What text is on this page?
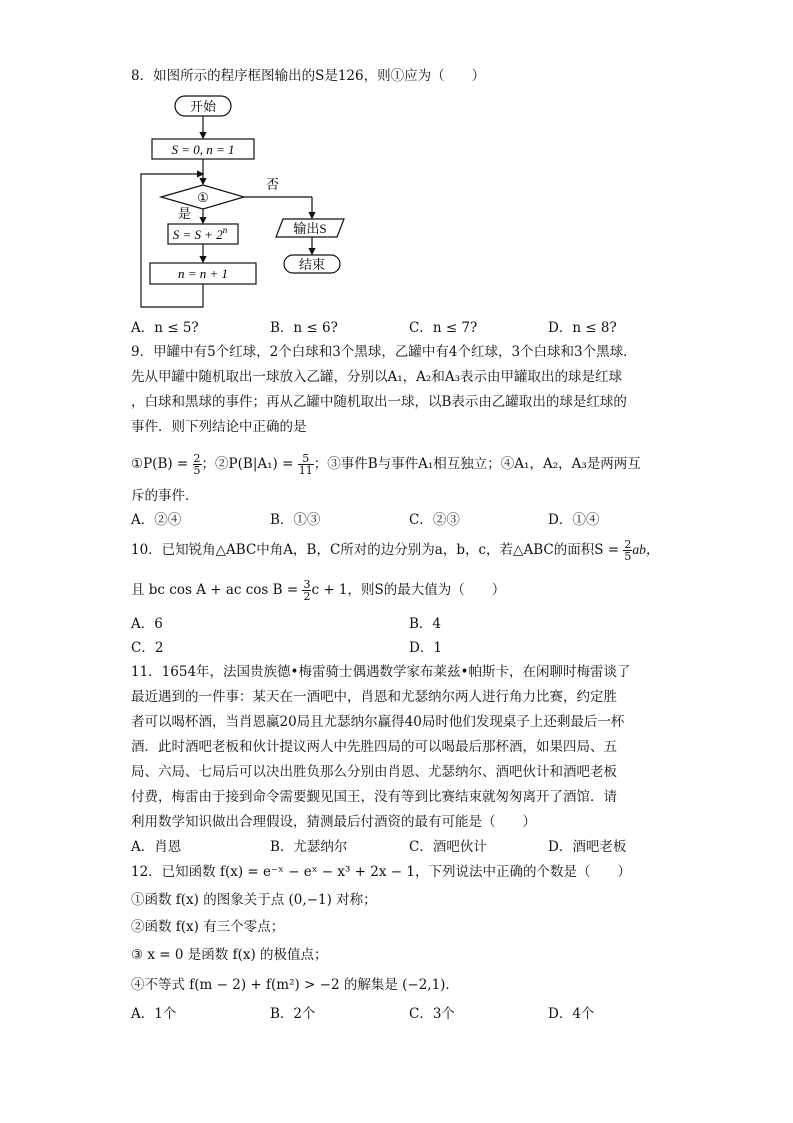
8．如图所示的程序框图输出的S是126，则①应为（　　）
开始
S = 0, n = 1
①
否
是
$S = S + 2^n$
n = n + 1
输出S
结束
A．n ≤ 5?	B．n ≤ 6?	C．n ≤ 7?	D．n ≤ 8?
9．甲罐中有5个红球，2个白球和3个黑球，乙罐中有4个红球，3个白球和3个黑球．
先从甲罐中随机取出一球放入乙罐，分别以A₁，A₂和A₃表示由甲罐取出的球是红球
，白球和黑球的事件；再从乙罐中随机取出一球，以B表示由乙罐取出的球是红球的
事件．则下列结论中正确的是
①P(B) = $\frac{2}{5}$ ；②P(B|A₁) = $\frac{5}{11}$ ；③事件B与事件A₁相互独立；④A₁，A₂，A₃是两两互
斥的事件．
A．②④	B．①③	C．②③	D．①④
10．已知锐角△ABC中角A，B，C所对的边分别为a，b，c，若△ABC的面积$S = \frac{2}{5}$ ab，
且 bc cos A + ac $\cos B = \frac{3}{2}$ c + 1，则S的最大值为（　　）
A．6	B．4
C．2	D．1
11．1654年，法国贵族德•梅雷骑士偶遇数学家布莱兹•帕斯卡，在闲聊时梅雷谈了
最近遇到的一件事：某天在一酒吧中，肖恩和尤瑟纳尔两人进行角力比赛，约定胜
者可以喝杯酒，当肖恩赢20局且尤瑟纳尔赢得40局时他们发现桌子上还剩最后一杯
酒．此时酒吧老板和伙计提议两人中先胜四局的可以喝最后那杯酒，如果四局、五
局、六局、七局后可以决出胜负那么分别由肖恩、尤瑟纳尔、酒吧伙计和酒吧老板
付费，梅雷由于接到命令需要觐见国王，没有等到比赛结束就匆匆离开了酒馆．请
利用数学知识做出合理假设，猜测最后付酒资的最有可能是（　　）
A．肖恩	B．尤瑟纳尔	C．酒吧伙计	D．酒吧老板
12．已知函数 f(x) = e⁻ˣ − eˣ − x³ + 2x − 1，下列说法中正确的个数是（　　）
①函数 f(x) 的图象关于点 (0,−1) 对称；
②函数 f(x) 有三个零点；
③ x = 0 是函数 f(x) 的极值点；
④不等式 f(m − 2) + f(m²) > −2 的解集是 (−2,1)．
A．1个	B．2个	C．3个	D．4个
